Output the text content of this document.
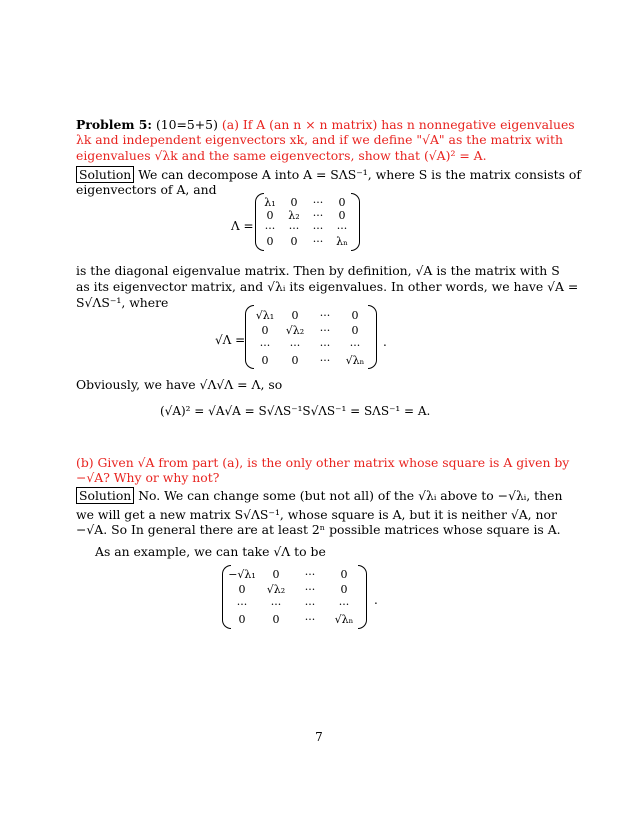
Problem 5: (10=5+5) (a) If A (an n × n matrix) has n nonnegative eigenvalues
λk and independent eigenvectors xk, and if we define "√A" as the matrix with
eigenvalues √λk and the same eigenvectors, show that (√A)² = A.
Solution We can decompose A into A = SΛS⁻¹, where S is the matrix consists of
eigenvectors of A, and
Λ =
λ₁	0	···	0
0	λ₂	···	0
···	···	···	···
0	0	···	λₙ
is the diagonal eigenvalue matrix. Then by definition, √A is the matrix with S
as its eigenvector matrix, and √λᵢ its eigenvalues. In other words, we have √A =
S√ΛS⁻¹, where
√Λ =
√λ₁	0	···	0
0	√λ₂	···	0
···	···	···	···
0	0	···	√λₙ
.
Obviously, we have √Λ√Λ = Λ, so
(√A)² = √A√A = S√ΛS⁻¹S√ΛS⁻¹ = SΛS⁻¹ = A.
(b) Given √A from part (a), is the only other matrix whose square is A given by
−√A? Why or why not?
Solution No. We can change some (but not all) of the √λᵢ above to −√λᵢ, then
we will get a new matrix S√ΛS⁻¹, whose square is A, but it is neither √A, nor
−√A. So In general there are at least 2ⁿ possible matrices whose square is A.
As an example, we can take √Λ to be
−√λ₁	0	···	0
0	√λ₂	···	0
···	···	···	···
0	0	···	√λₙ
.
7
